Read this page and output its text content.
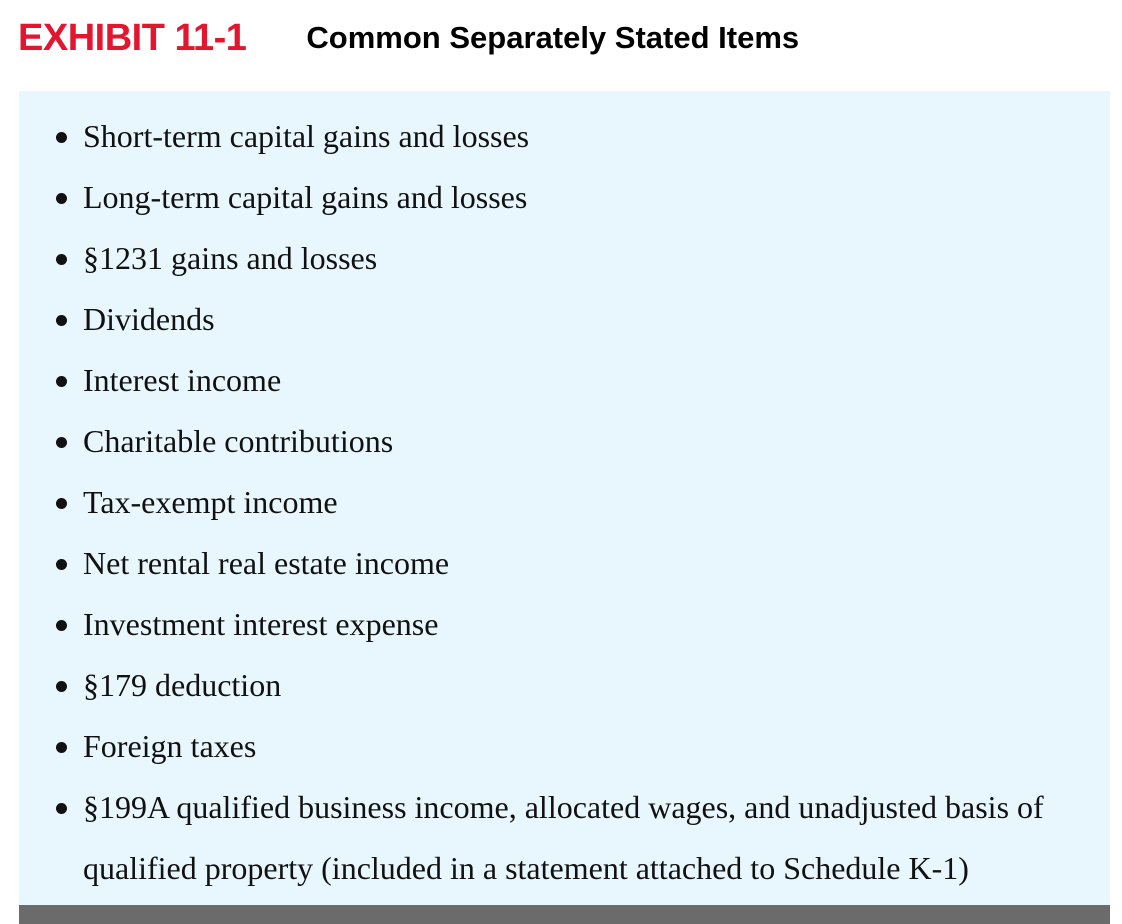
EXHIBIT 11-1 Common Separately Stated Items
Short-term capital gains and losses
Long-term capital gains and losses
§1231 gains and losses
Dividends
Interest income
Charitable contributions
Tax-exempt income
Net rental real estate income
Investment interest expense
§179 deduction
Foreign taxes
§199A qualified business income, allocated wages, and unadjusted basis of qualified property (included in a statement attached to Schedule K-1)
